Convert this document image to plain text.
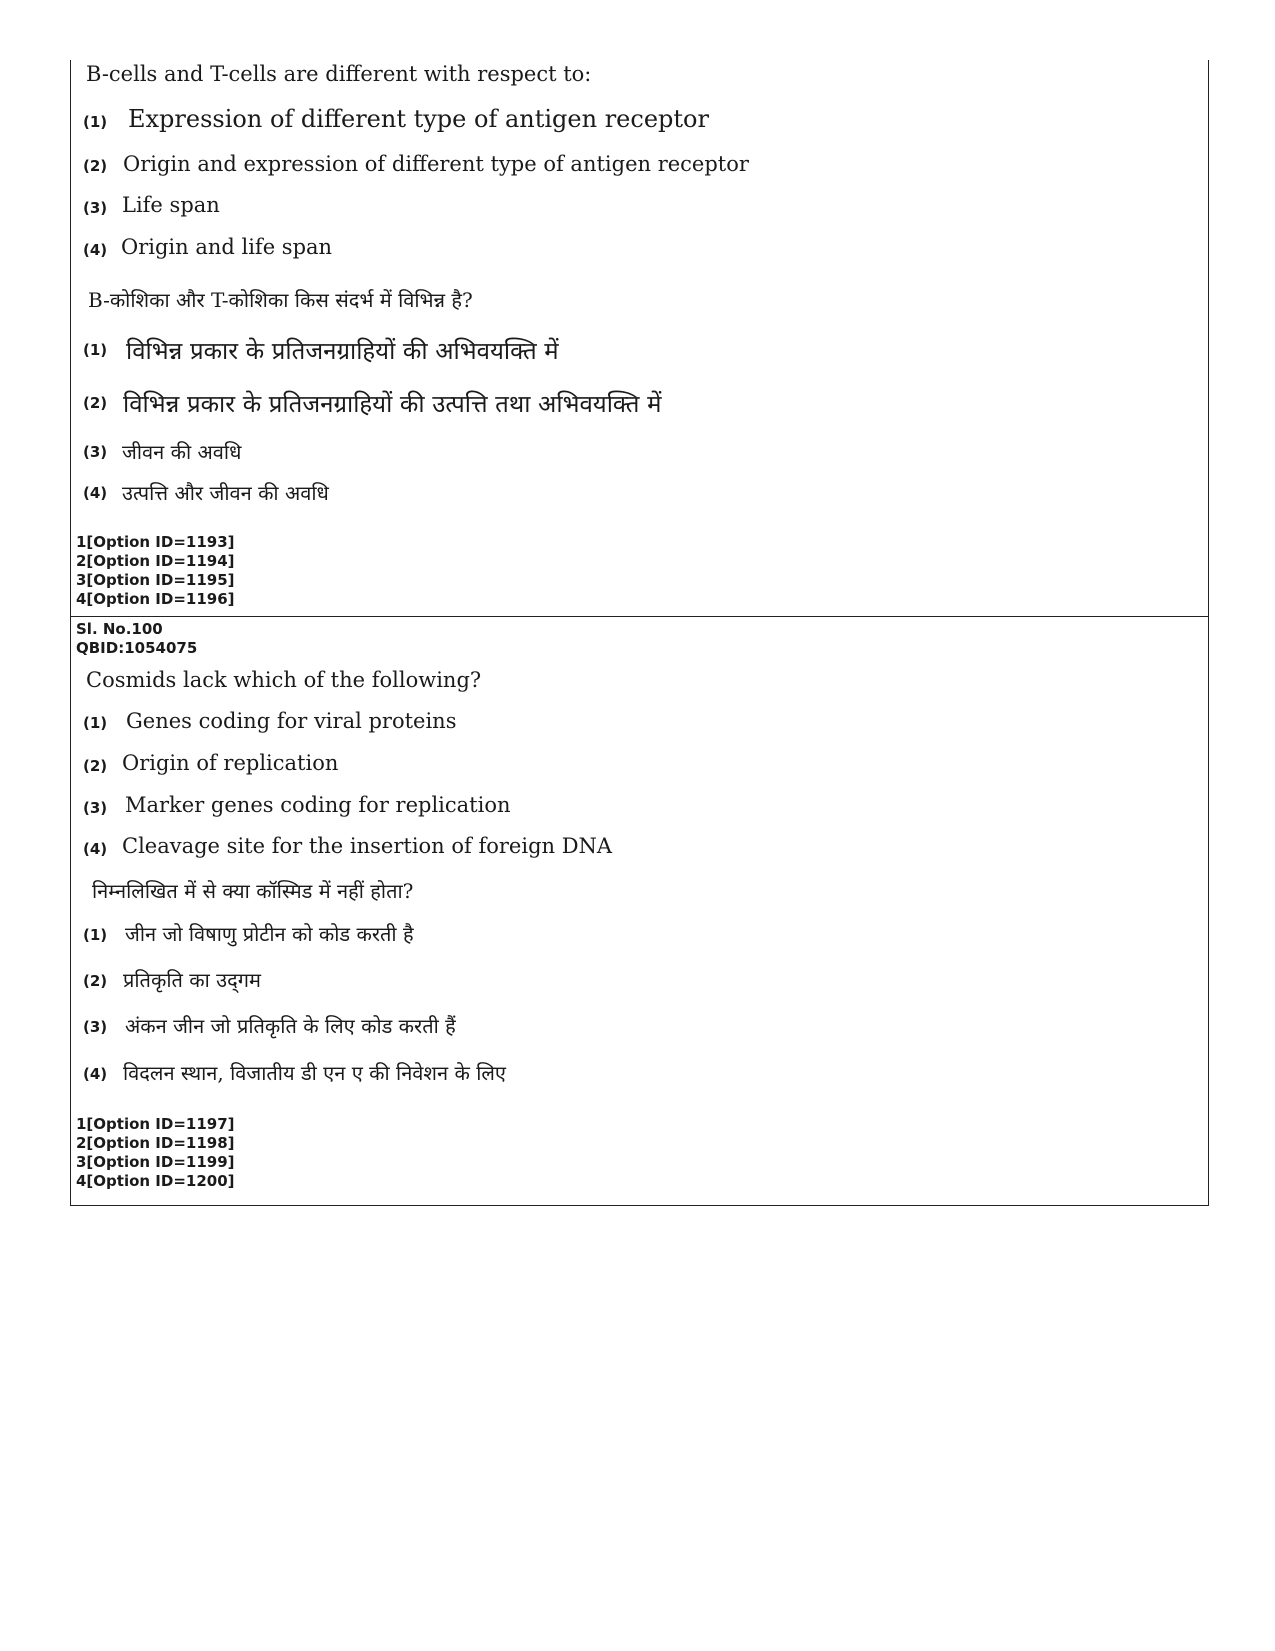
B-cells and T-cells are different with respect to:
(1) Expression of different type of antigen receptor
(2) Origin and expression of different type of antigen receptor
(3) Life span
(4) Origin and life span
B-कोशिका और T-कोशिका किस संदर्भ में विभिन्न है?
(1) विभिन्न प्रकार के प्रतिजनग्राहियों की अभिवयक्ति में
(2) विभिन्न प्रकार के प्रतिजनग्राहियों की उत्पत्ति तथा अभिवयक्ति में
(3) जीवन की अवधि
(4) उत्पत्ति और जीवन की अवधि
1[Option ID=1193]
2[Option ID=1194]
3[Option ID=1195]
4[Option ID=1196]
Sl. No.100
QBID:1054075
Cosmids lack which of the following?
(1) Genes coding for viral proteins
(2) Origin of replication
(3) Marker genes coding for replication
(4) Cleavage site for the insertion of foreign DNA
निम्नलिखित में से क्या कॉस्मिड में नहीं होता?
(1) जीन जो विषाणु प्रोटीन को कोड करती है
(2) प्रतिकृति का उद्‌गम
(3) अंकन जीन जो प्रतिकृति के लिए कोड करती हैं
(4) विदलन स्थान, विजातीय डी एन ए की निवेशन के लिए
1[Option ID=1197]
2[Option ID=1198]
3[Option ID=1199]
4[Option ID=1200]
